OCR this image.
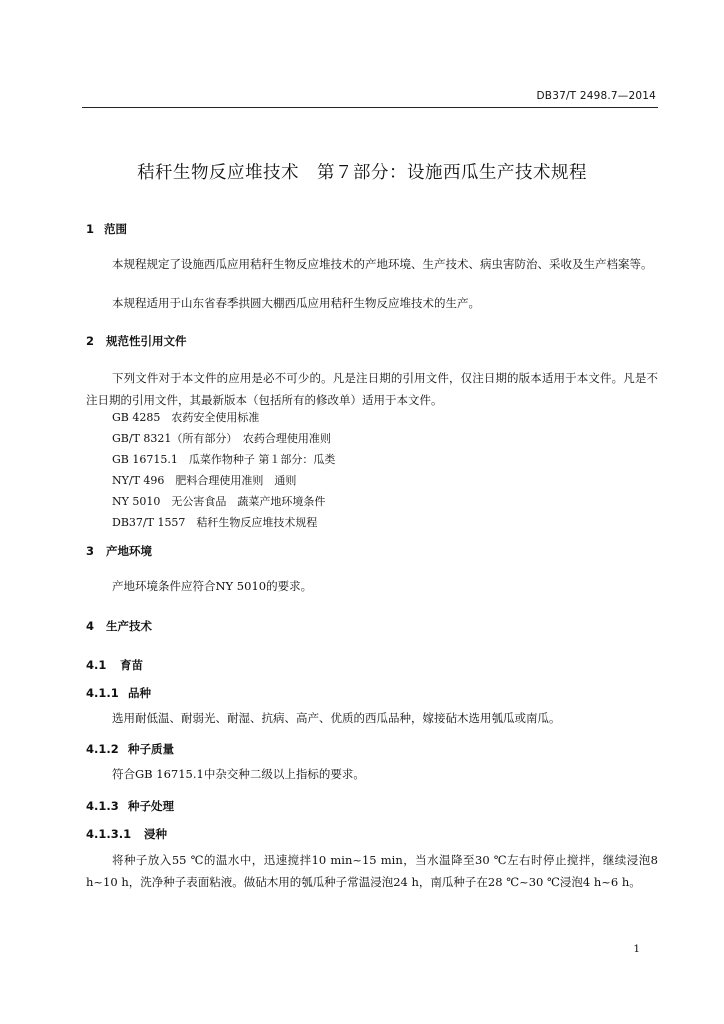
DB37/T 2498.7—2014
秸秆生物反应堆技术　第７部分：设施西瓜生产技术规程
1 范围
本规程规定了设施西瓜应用秸秆生物反应堆技术的产地环境、生产技术、病虫害防治、采收及生产档案等。
本规程适用于山东省春季拱圆大棚西瓜应用秸秆生物反应堆技术的生产。
2 规范性引用文件
下列文件对于本文件的应用是必不可少的。凡是注日期的引用文件，仅注日期的版本适用于本文件。凡是不注日期的引用文件，其最新版本（包括所有的修改单）适用于本文件。
GB 4285　农药安全使用标准
GB/T 8321（所有部分）　农药合理使用准则
GB 16715.1　瓜菜作物种子 第１部分：瓜类
NY/T 496　肥料合理使用准则　通则
NY 5010　无公害食品　蔬菜产地环境条件
DB37/T 1557　秸秆生物反应堆技术规程
3 产地环境
产地环境条件应符合NY 5010的要求。
4 生产技术
4.1 育苗
4.1.1 品种
选用耐低温、耐弱光、耐湿、抗病、高产、优质的西瓜品种，嫁接砧木选用瓠瓜或南瓜。
4.1.2 种子质量
符合GB 16715.1中杂交种二级以上指标的要求。
4.1.3 种子处理
4.1.3.1 浸种
将种子放入55 ℃的温水中，迅速搅拌10 min~15 min，当水温降至30 ℃左右时停止搅拌，继续浸泡8 h~10 h，洗净种子表面粘液。做砧木用的瓠瓜种子常温浸泡24 h，南瓜种子在28 ℃~30 ℃浸泡4 h~6 h。
1
